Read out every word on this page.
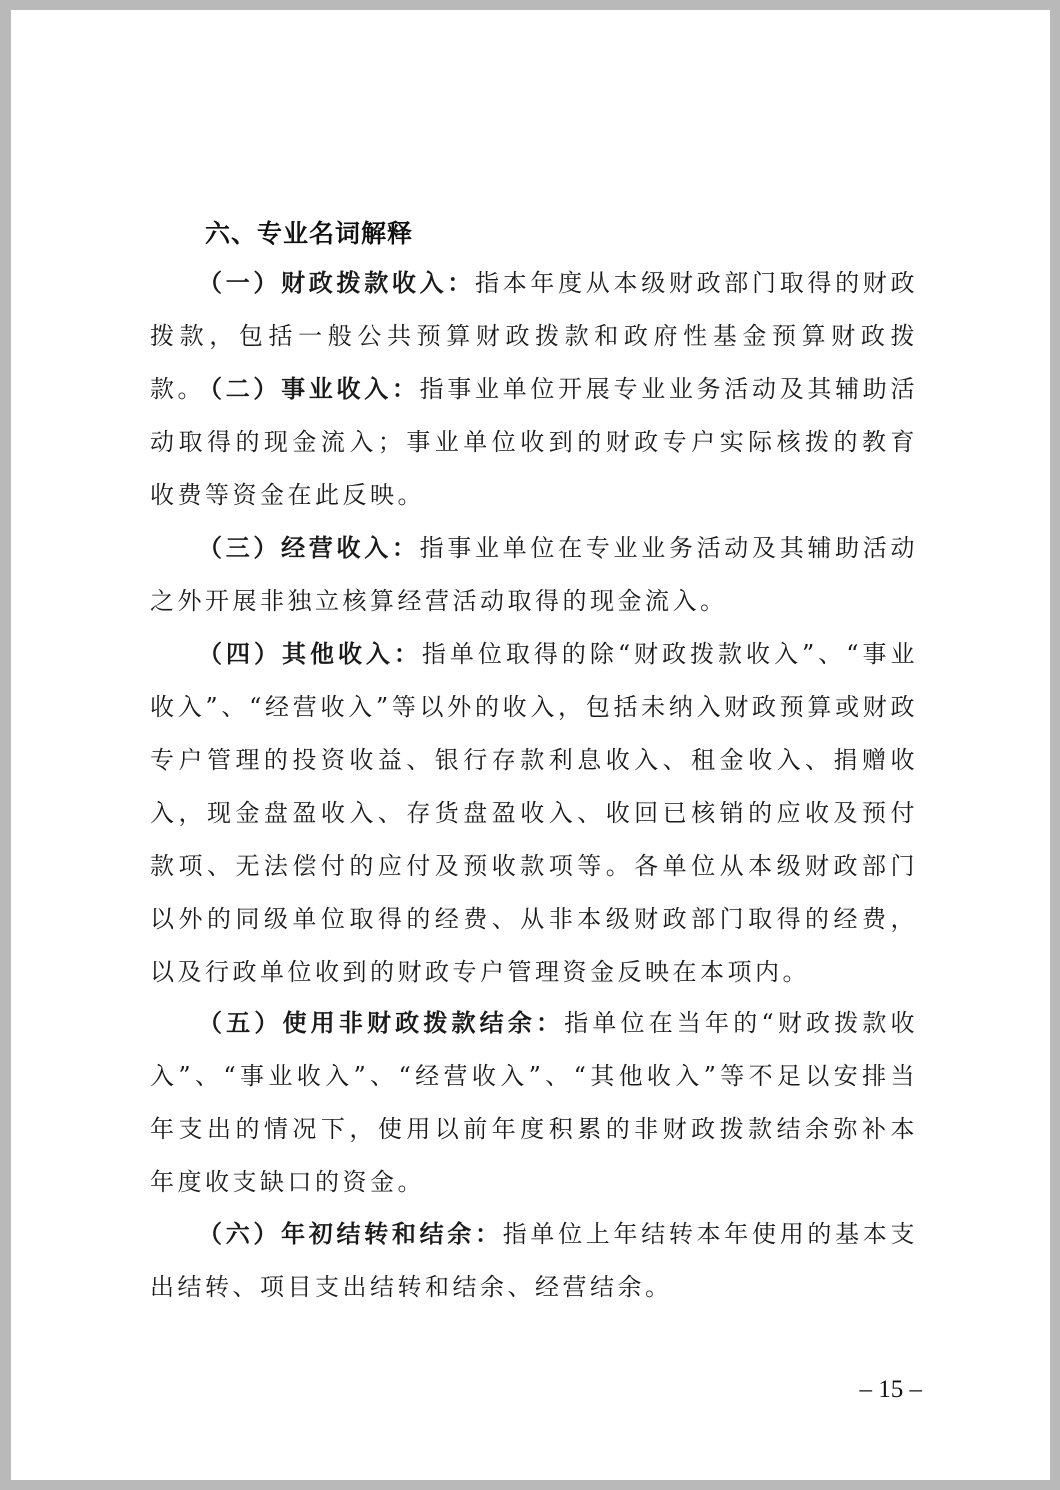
六、专业名词解释

（一）财政拨款收入：指本年度从本级财政部门取得的财政拨款，包括一般公共预算财政拨款和政府性基金预算财政拨款。

（二）事业收入：指事业单位开展专业业务活动及其辅助活动取得的现金流入；事业单位收到的财政专户实际核拨的教育收费等资金在此反映。

（三）经营收入：指事业单位在专业业务活动及其辅助活动之外开展非独立核算经营活动取得的现金流入。

（四）其他收入：指单位取得的除“财政拨款收入”、“事业收入”、“经营收入”等以外的收入，包括未纳入财政预算或财政专户管理的投资收益、银行存款利息收入、租金收入、捐赠收入，现金盘盈收入、存货盘盈收入、收回已核销的应收及预付款项、无法偿付的应付及预收款项等。各单位从本级财政部门以外的同级单位取得的经费、从非本级财政部门取得的经费，以及行政单位收到的财政专户管理资金反映在本项内。

（五）使用非财政拨款结余：指单位在当年的“财政拨款收入”、“事业收入”、“经营收入”、“其他收入”等不足以安排当年支出的情况下，使用以前年度积累的非财政拨款结余弥补本年度收支缺口的资金。

（六）年初结转和结余：指单位上年结转本年使用的基本支出结转、项目支出结转和结余、经营结余。

– 15 –
